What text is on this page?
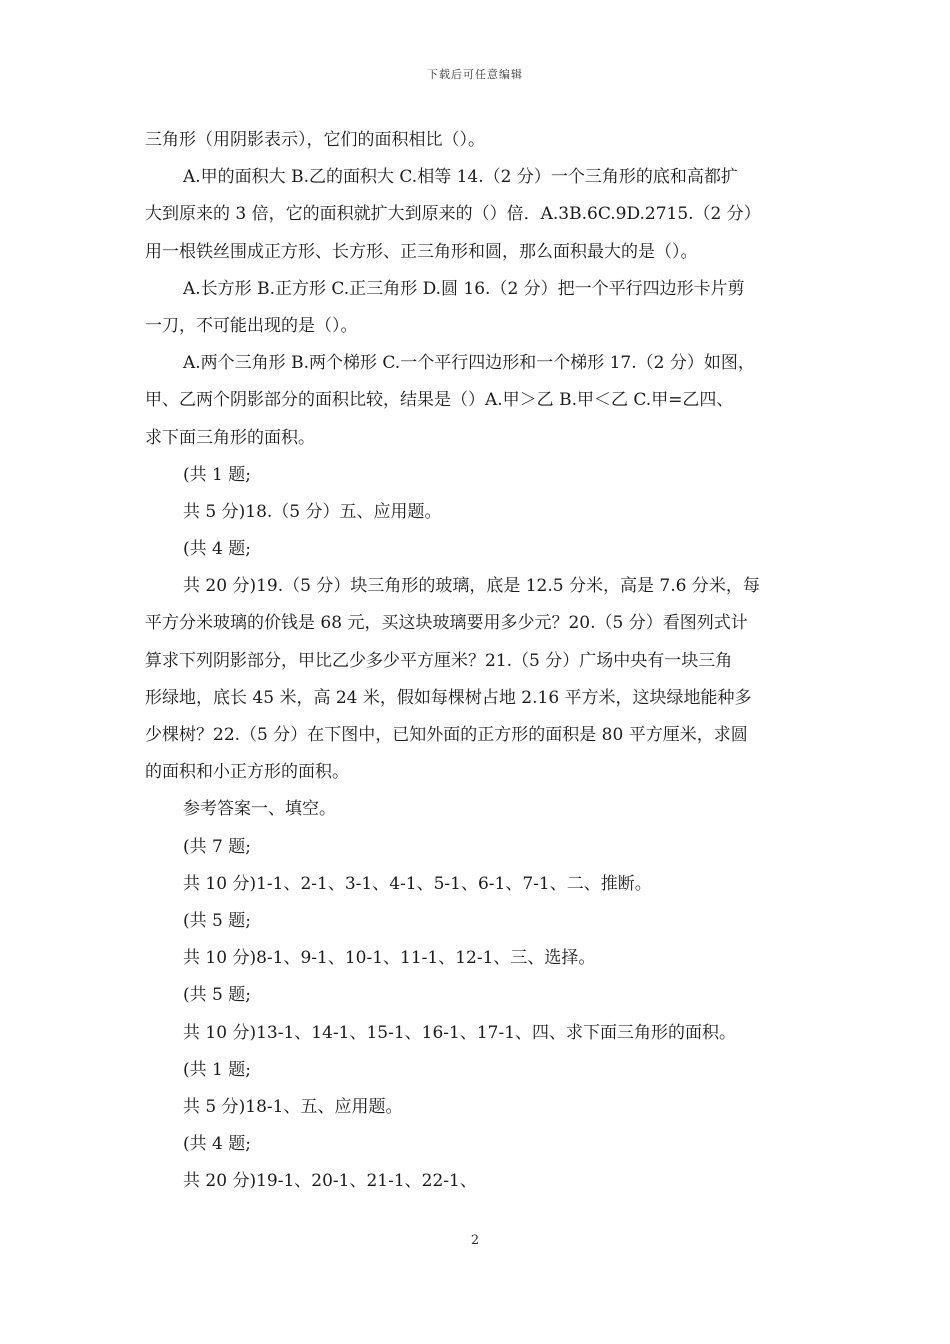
下载后可任意编辑
三角形（用阴影表示），它们的面积相比（）。
A.甲的面积大 B.乙的面积大 C.相等 14.（2 分）一个三角形的底和高都扩
大到原来的 3 倍，它的面积就扩大到原来的（）倍．A.3B.6C.9D.2715.（2 分）
用一根铁丝围成正方形、长方形、正三角形和圆，那么面积最大的是（）。
A.长方形 B.正方形 C.正三角形 D.圆 16.（2 分）把一个平行四边形卡片剪
一刀，不可能出现的是（）。
A.两个三角形 B.两个梯形 C.一个平行四边形和一个梯形 17.（2 分）如图，
甲、乙两个阴影部分的面积比较，结果是（）A.甲＞乙 B.甲＜乙 C.甲=乙四、
求下面三角形的面积。
(共 1 题;
共 5 分)18.（5 分）五、应用题。
(共 4 题;
共 20 分)19.（5 分）块三角形的玻璃，底是 12.5 分米，高是 7.6 分米，每
平方分米玻璃的价钱是 68 元，买这块玻璃要用多少元？20.（5 分）看图列式计
算求下列阴影部分，甲比乙少多少平方厘米？21.（5 分）广场中央有一块三角
形绿地，底长 45 米，高 24 米，假如每棵树占地 2.16 平方米，这块绿地能种多
少棵树？22.（5 分）在下图中，已知外面的正方形的面积是 80 平方厘米，求圆
的面积和小正方形的面积。
参考答案一、填空。
(共 7 题;
共 10 分)1-1、2-1、3-1、4-1、5-1、6-1、7-1、二、推断。
(共 5 题;
共 10 分)8-1、9-1、10-1、11-1、12-1、三、选择。
(共 5 题;
共 10 分)13-1、14-1、15-1、16-1、17-1、四、求下面三角形的面积。
(共 1 题;
共 5 分)18-1、五、应用题。
(共 4 题;
共 20 分)19-1、20-1、21-1、22-1、
2
